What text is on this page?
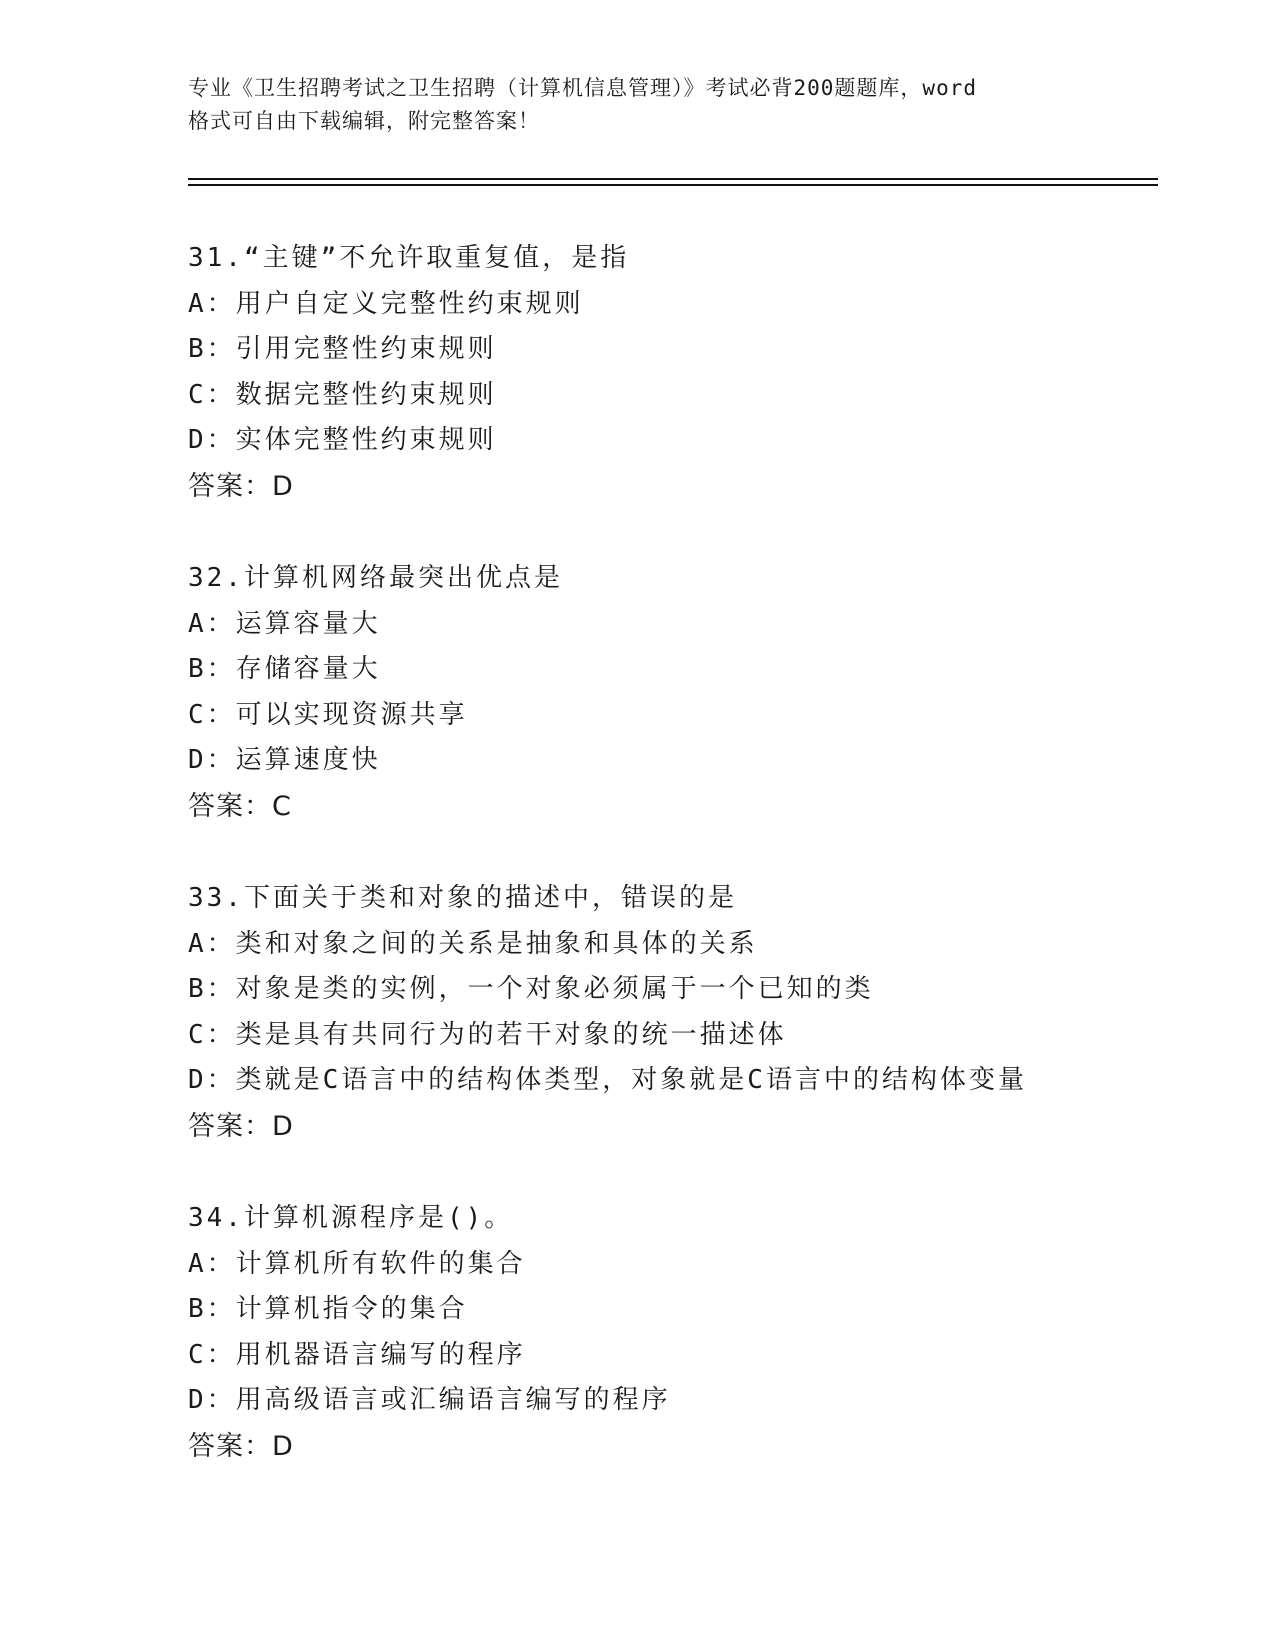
专业《卫生招聘考试之卫生招聘（计算机信息管理）》考试必背200题题库，word
格式可自由下载编辑，附完整答案！
31.“主键”不允许取重复值，是指
A：用户自定义完整性约束规则
B：引用完整性约束规则
C：数据完整性约束规则
D：实体完整性约束规则
答案：D
32.计算机网络最突出优点是
A：运算容量大
B：存储容量大
C：可以实现资源共享
D：运算速度快
答案：C
33.下面关于类和对象的描述中，错误的是
A：类和对象之间的关系是抽象和具体的关系
B：对象是类的实例，一个对象必须属于一个已知的类
C：类是具有共同行为的若干对象的统一描述体
D：类就是C语言中的结构体类型，对象就是C语言中的结构体变量
答案：D
34.计算机源程序是()。
A：计算机所有软件的集合
B：计算机指令的集合
C：用机器语言编写的程序
D：用高级语言或汇编语言编写的程序
答案：D
